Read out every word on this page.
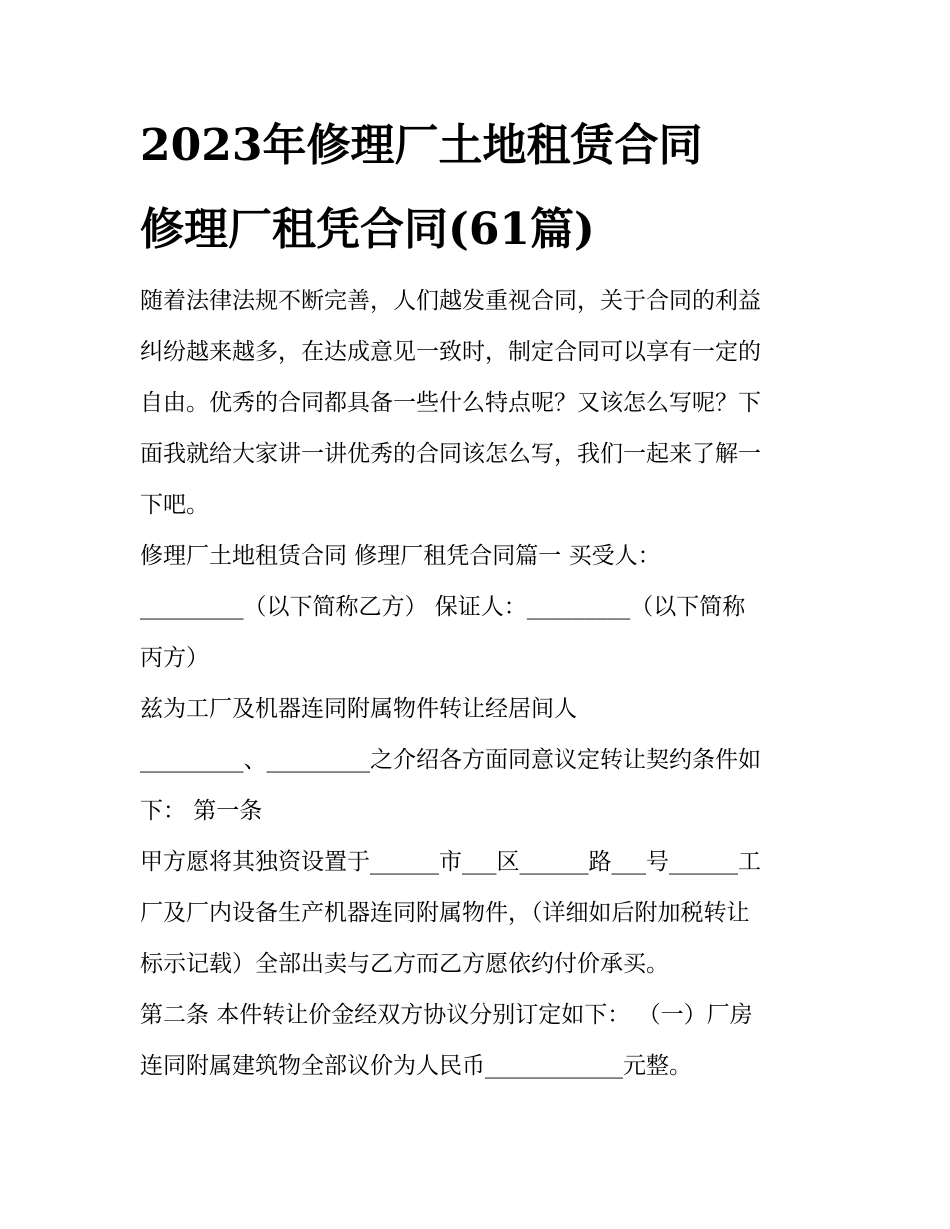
2023年修理厂土地租赁合同
修理厂租凭合同(61篇)
随着法律法规不断完善，人们越发重视合同，关于合同的利益
纠纷越来越多，在达成意见一致时，制定合同可以享有一定的
自由。优秀的合同都具备一些什么特点呢？又该怎么写呢？下
面我就给大家讲一讲优秀的合同该怎么写，我们一起来了解一
下吧。
修理厂土地租赁合同 修理厂租凭合同篇一 买受人：
_________（以下简称乙方） 保证人：_________（以下简称
丙方）
兹为工厂及机器连同附属物件转让经居间人
_________、_________之介绍各方面同意议定转让契约条件如
下： 第一条
甲方愿将其独资设置于______市___区______路___号______工
厂及厂内设备生产机器连同附属物件，（详细如后附加税转让
标示记载）全部出卖与乙方而乙方愿依约付价承买。
第二条 本件转让价金经双方协议分别订定如下： （一）厂房
连同附属建筑物全部议价为人民币____________元整。
